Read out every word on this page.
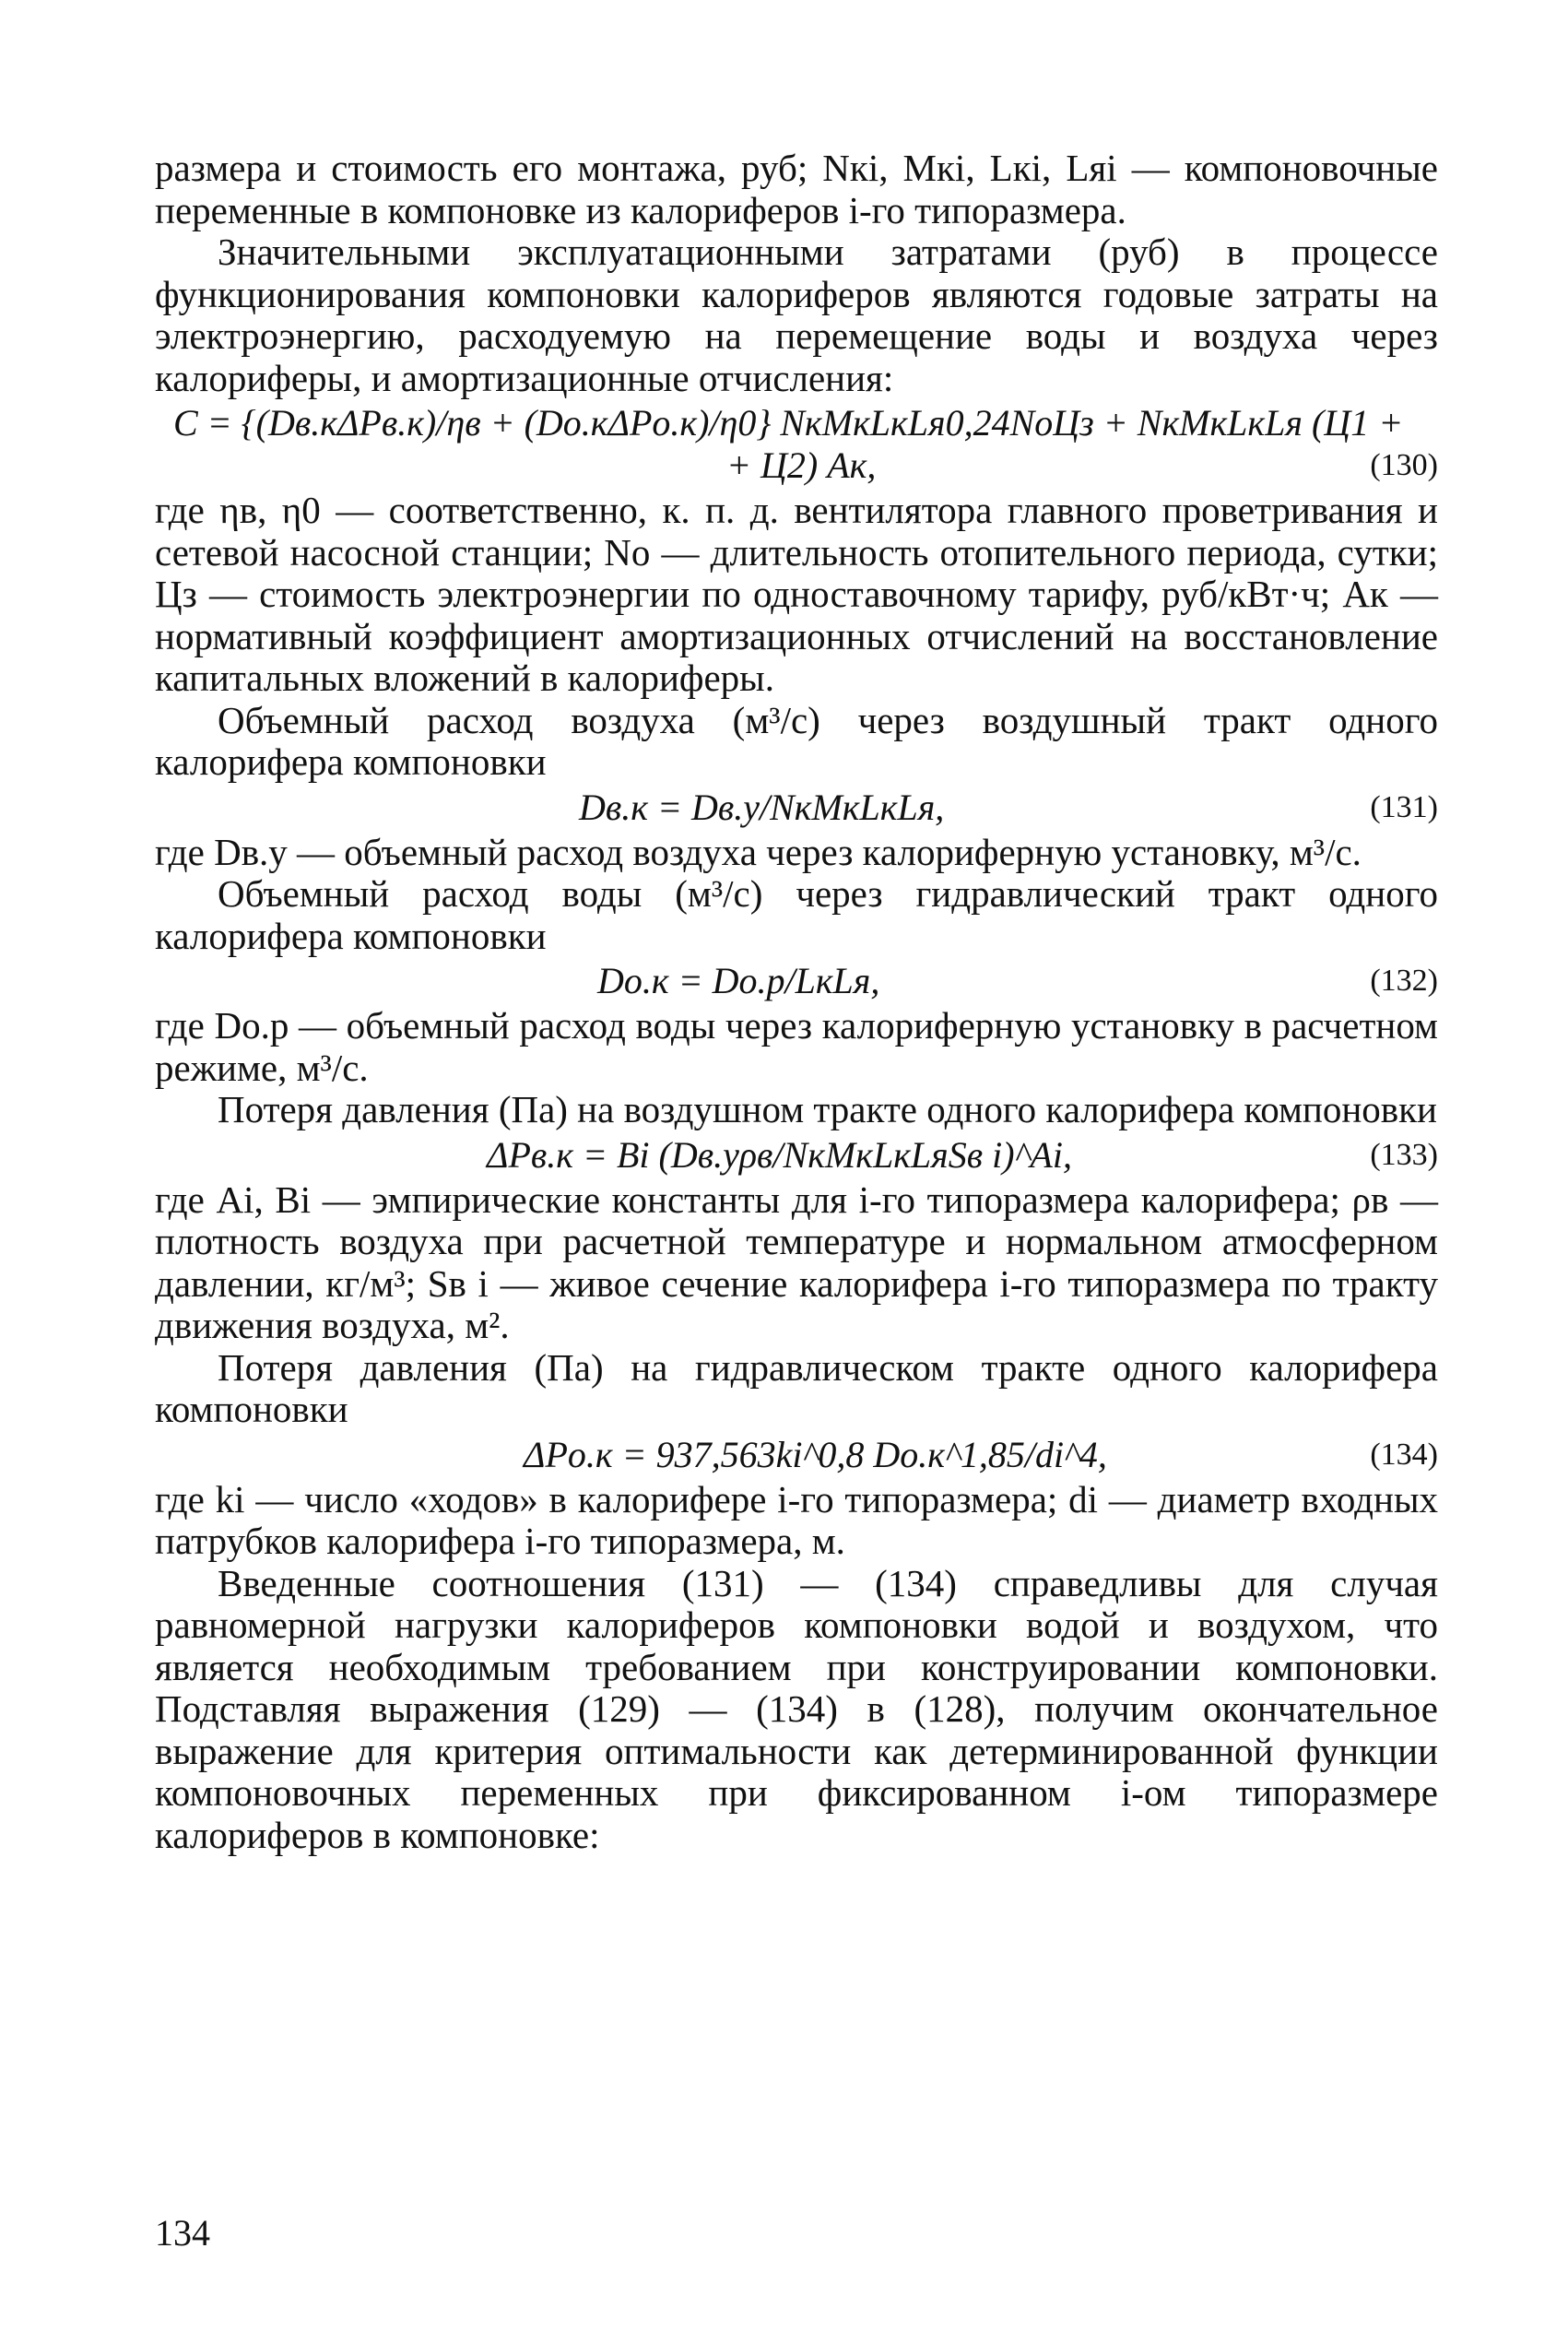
размера и стоимость его монтажа, руб; Nкi, Mкi, Lкi, Lяi — компоновочные переменные в компоновке из калориферов i-го типоразмера.

Значительными эксплуатационными затратами (руб) в процессе функционирования компоновки калориферов являются годовые затраты на электроэнергию, расходуемую на перемещение воды и воздуха через калориферы, и амортизационные отчисления:

C = {(Dв.кΔPв.к)/ηв + (Dо.кΔPо.к)/η0} NкMкLкLя0,24NоЦз + NкMкLкLя (Ц1 +
+ Ц2) Aк,	(130)

где ηв, η0 — соответственно, к. п. д. вентилятора главного проветривания и сетевой насосной станции; Nо — длительность отопительного периода, сутки; Цз — стоимость электроэнергии по одноставочному тарифу, руб/кВт·ч; Aк — нормативный коэффициент амортизационных отчислений на восстановление капитальных вложений в калориферы.

Объемный расход воздуха (м³/с) через воздушный тракт одного калорифера компоновки

Dв.к = Dв.у/NкMкLкLя,	(131)

где Dв.у — объемный расход воздуха через калориферную установку, м³/с.

Объемный расход воды (м³/с) через гидравлический тракт одного калорифера компоновки

Dо.к = Dо.р/LкLя,	(132)

где Dо.р — объемный расход воды через калориферную установку в расчетном режиме, м³/с.

Потеря давления (Па) на воздушном тракте одного калорифера компоновки

ΔPв.к = Bi (Dв.уρв/NкMкLкLяSв i)^Ai,	(133)

где Ai, Bi — эмпирические константы для i-го типоразмера калорифера; ρв — плотность воздуха при расчетной температуре и нормальном атмосферном давлении, кг/м³; Sв i — живое сечение калорифера i-го типоразмера по тракту движения воздуха, м².

Потеря давления (Па) на гидравлическом тракте одного калорифера компоновки

ΔPо.к = 937,563ki^0,8 Dо.к^1,85/di^4,	(134)

где ki — число «ходов» в калорифере i-го типоразмера; di — диаметр входных патрубков калорифера i-го типоразмера, м.

Введенные соотношения (131) — (134) справедливы для случая равномерной нагрузки калориферов компоновки водой и воздухом, что является необходимым требованием при конструировании компоновки. Подставляя выражения (129) — (134) в (128), получим окончательное выражение для критерия оптимальности как детерминированной функции компоновочных переменных при фиксированном i-ом типоразмере калориферов в компоновке:

134
